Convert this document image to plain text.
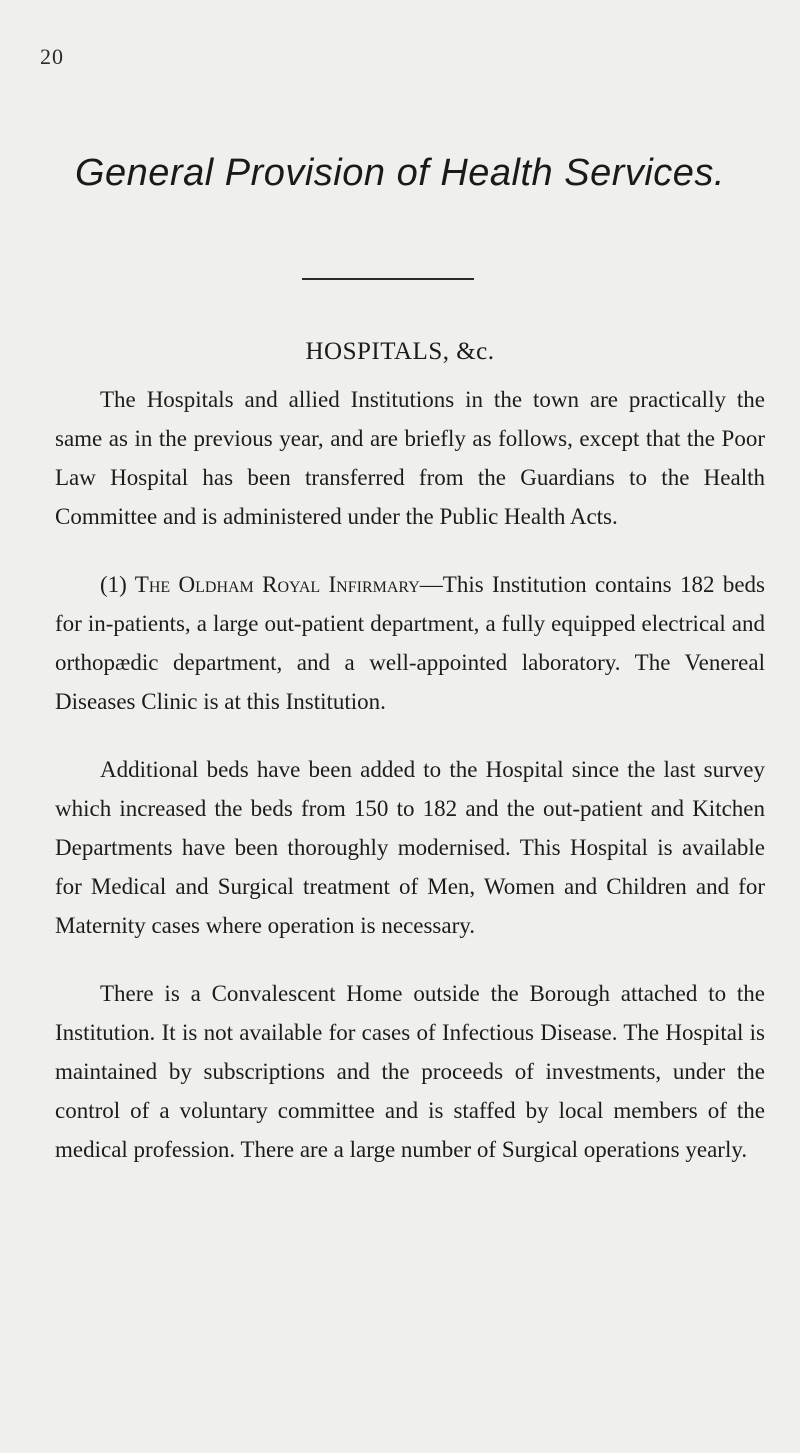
20
General Provision of Health Services.
HOSPITALS, &c.

The Hospitals and allied Institutions in the town are practically the same as in the previous year, and are briefly as follows, except that the Poor Law Hospital has been transferred from the Guardians to the Health Committee and is administered under the Public Health Acts.

(1) The Oldham Royal Infirmary—This Institution contains 182 beds for in-patients, a large out-patient department, a fully equipped electrical and orthopædic department, and a well-appointed laboratory. The Venereal Diseases Clinic is at this Institution.

Additional beds have been added to the Hospital since the last survey which increased the beds from 150 to 182 and the out-patient and Kitchen Departments have been thoroughly modernised. This Hospital is available for Medical and Surgical treatment of Men, Women and Children and for Maternity cases where operation is necessary.

There is a Convalescent Home outside the Borough attached to the Institution. It is not available for cases of Infectious Disease. The Hospital is maintained by subscriptions and the proceeds of investments, under the control of a voluntary committee and is staffed by local members of the medical profession. There are a large number of Surgical operations yearly.
